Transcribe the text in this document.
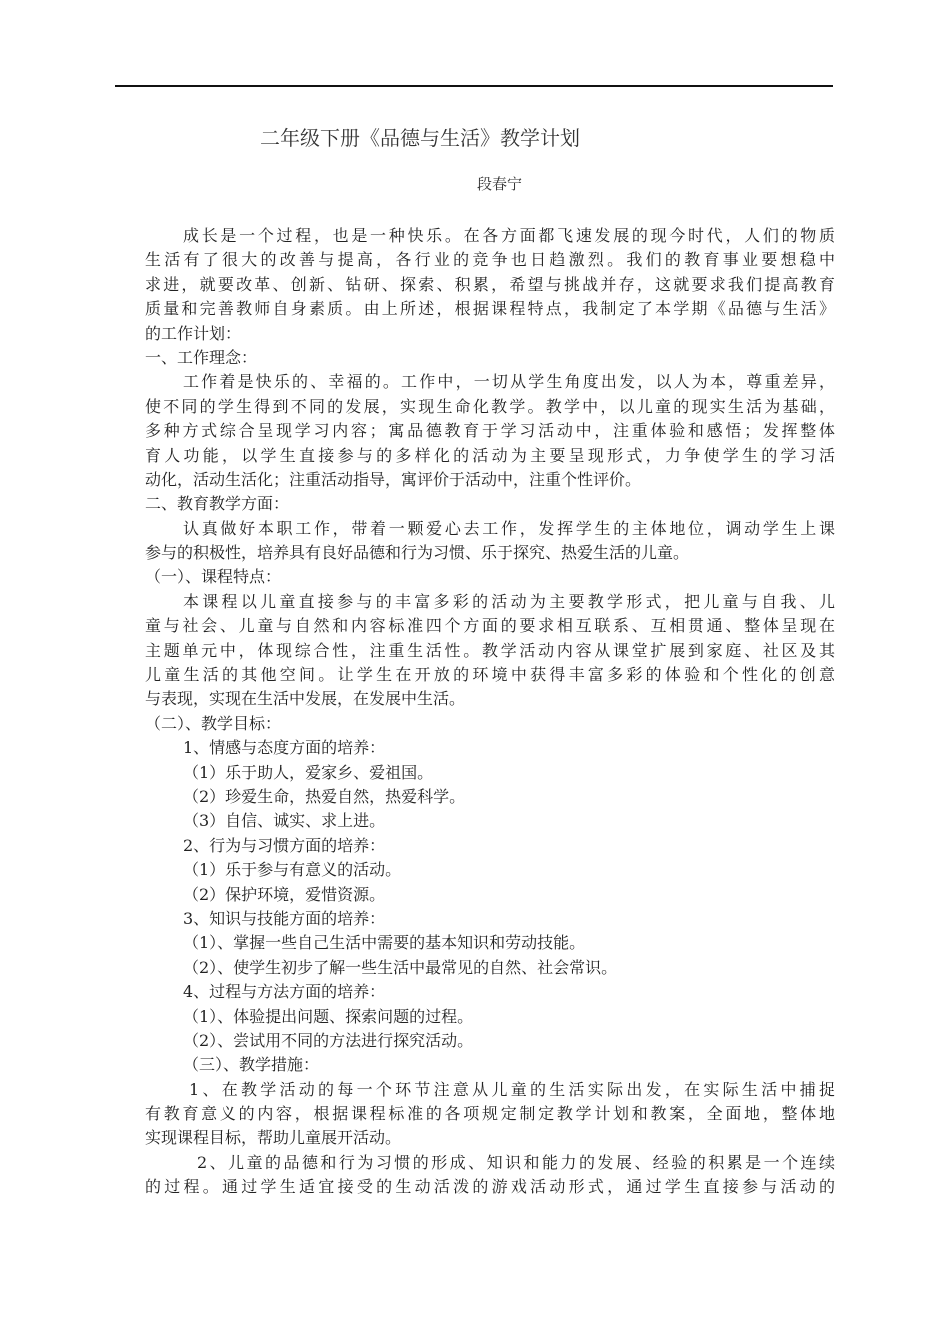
二年级下册《品德与生活》教学计划
段春宁
成长是一个过程，也是一种快乐。在各方面都飞速发展的现今时代，人们的物质
生活有了很大的改善与提高，各行业的竞争也日趋激烈。我们的教育事业要想稳中
求进，就要改革、创新、钻研、探索、积累，希望与挑战并存，这就要求我们提高教育
质量和完善教师自身素质。由上所述，根据课程特点，我制定了本学期《品德与生活》
的工作计划：
一、工作理念：
工作着是快乐的、幸福的。工作中，一切从学生角度出发，以人为本，尊重差异，
使不同的学生得到不同的发展，实现生命化教学。教学中，以儿童的现实生活为基础，
多种方式综合呈现学习内容；寓品德教育于学习活动中，注重体验和感悟；发挥整体
育人功能，以学生直接参与的多样化的活动为主要呈现形式，力争使学生的学习活
动化，活动生活化；注重活动指导，寓评价于活动中，注重个性评价。
二、教育教学方面：
认真做好本职工作，带着一颗爱心去工作，发挥学生的主体地位，调动学生上课
参与的积极性，培养具有良好品德和行为习惯、乐于探究、热爱生活的儿童。
（一）、课程特点：
本课程以儿童直接参与的丰富多彩的活动为主要教学形式，把儿童与自我、儿
童与社会、儿童与自然和内容标准四个方面的要求相互联系、互相贯通、整体呈现在
主题单元中，体现综合性，注重生活性。教学活动内容从课堂扩展到家庭、社区及其
儿童生活的其他空间。让学生在开放的环境中获得丰富多彩的体验和个性化的创意
与表现，实现在生活中发展，在发展中生活。
（二）、教学目标：
1、情感与态度方面的培养：
（1）乐于助人，爱家乡、爱祖国。
（2）珍爱生命，热爱自然，热爱科学。
（3）自信、诚实、求上进。
2、行为与习惯方面的培养：
（1）乐于参与有意义的活动。
（2）保护环境，爱惜资源。
3、知识与技能方面的培养：
（1）、掌握一些自己生活中需要的基本知识和劳动技能。
（2）、使学生初步了解一些生活中最常见的自然、社会常识。
4、过程与方法方面的培养：
（1）、体验提出问题、探索问题的过程。
（2）、尝试用不同的方法进行探究活动。
（三）、教学措施：
1、在教学活动的每一个环节注意从儿童的生活实际出发，在实际生活中捕捉
有教育意义的内容，根据课程标准的各项规定制定教学计划和教案，全面地，整体地
实现课程目标，帮助儿童展开活动。
2、儿童的品德和行为习惯的形成、知识和能力的发展、经验的积累是一个连续
的过程。通过学生适宜接受的生动活泼的游戏活动形式，通过学生直接参与活动的
